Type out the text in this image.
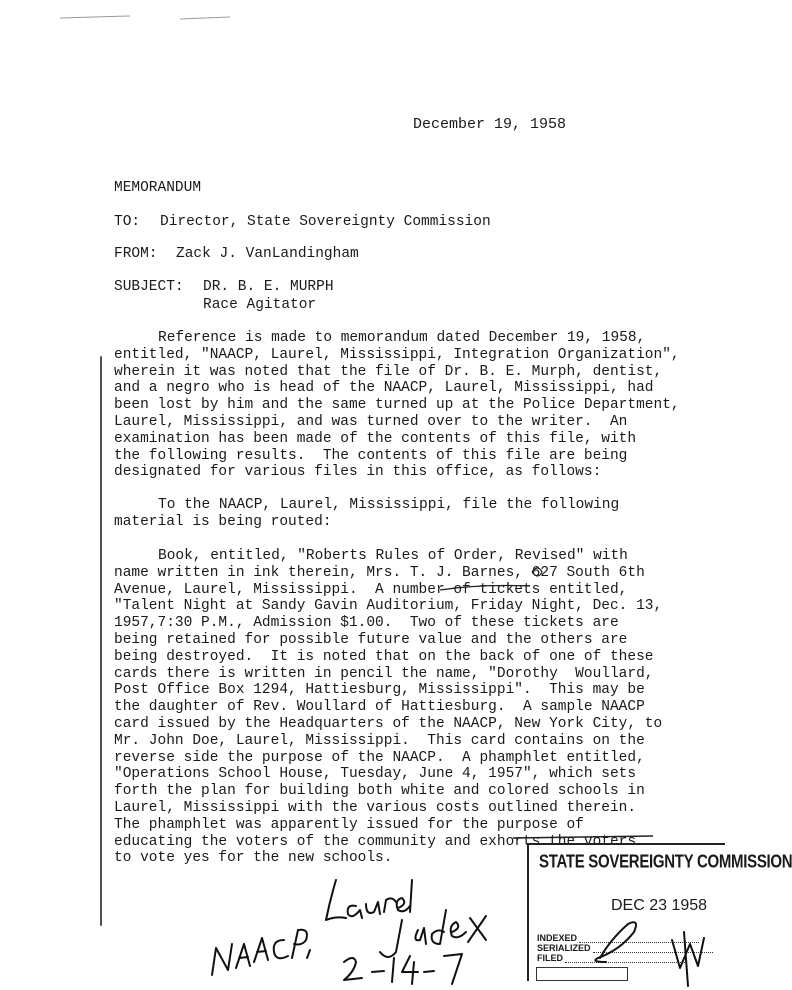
December 19, 1958
MEMORANDUM
TO: Director, State Sovereignty Commission
FROM: Zack J. VanLandingham
SUBJECT: DR. B. E. MURPH
Race Agitator
Reference is made to memorandum dated December 19, 1958,
entitled, "NAACP, Laurel, Mississippi, Integration Organization",
wherein it was noted that the file of Dr. B. E. Murph, dentist,
and a negro who is head of the NAACP, Laurel, Mississippi, had
been lost by him and the same turned up at the Police Department,
Laurel, Mississippi, and was turned over to the writer.  An
examination has been made of the contents of this file, with
the following results.  The contents of this file are being
designated for various files in this office, as follows:
To the NAACP, Laurel, Mississippi, file the following
material is being routed:
Book, entitled, "Roberts Rules of Order, Revised" with
name written in ink therein, Mrs. T. J. Barnes, 627 South 6th
Avenue, Laurel, Mississippi.  A number of tickets entitled,
"Talent Night at Sandy Gavin Auditorium, Friday Night, Dec. 13,
1957,7:30 P.M., Admission $1.00.  Two of these tickets are
being retained for possible future value and the others are
being destroyed.  It is noted that on the back of one of these
cards there is written in pencil the name, "Dorothy  Woullard,
Post Office Box 1294, Hattiesburg, Mississippi".  This may be
the daughter of Rev. Woullard of Hattiesburg.  A sample NAACP
card issued by the Headquarters of the NAACP, New York City, to
Mr. John Doe, Laurel, Mississippi.  This card contains on the
reverse side the purpose of the NAACP.  A phamphlet entitled,
"Operations School House, Tuesday, June 4, 1957", which sets
forth the plan for building both white and colored schools in
Laurel, Mississippi with the various costs outlined therein.
The phamphlet was apparently issued for the purpose of
educating the voters of the community and exhorts the voters
to vote yes for the new schools.	STATE SOVEREIGNTY COMMISSION
DEC 23 1958
INDEXED
SERIALIZED
FILED
